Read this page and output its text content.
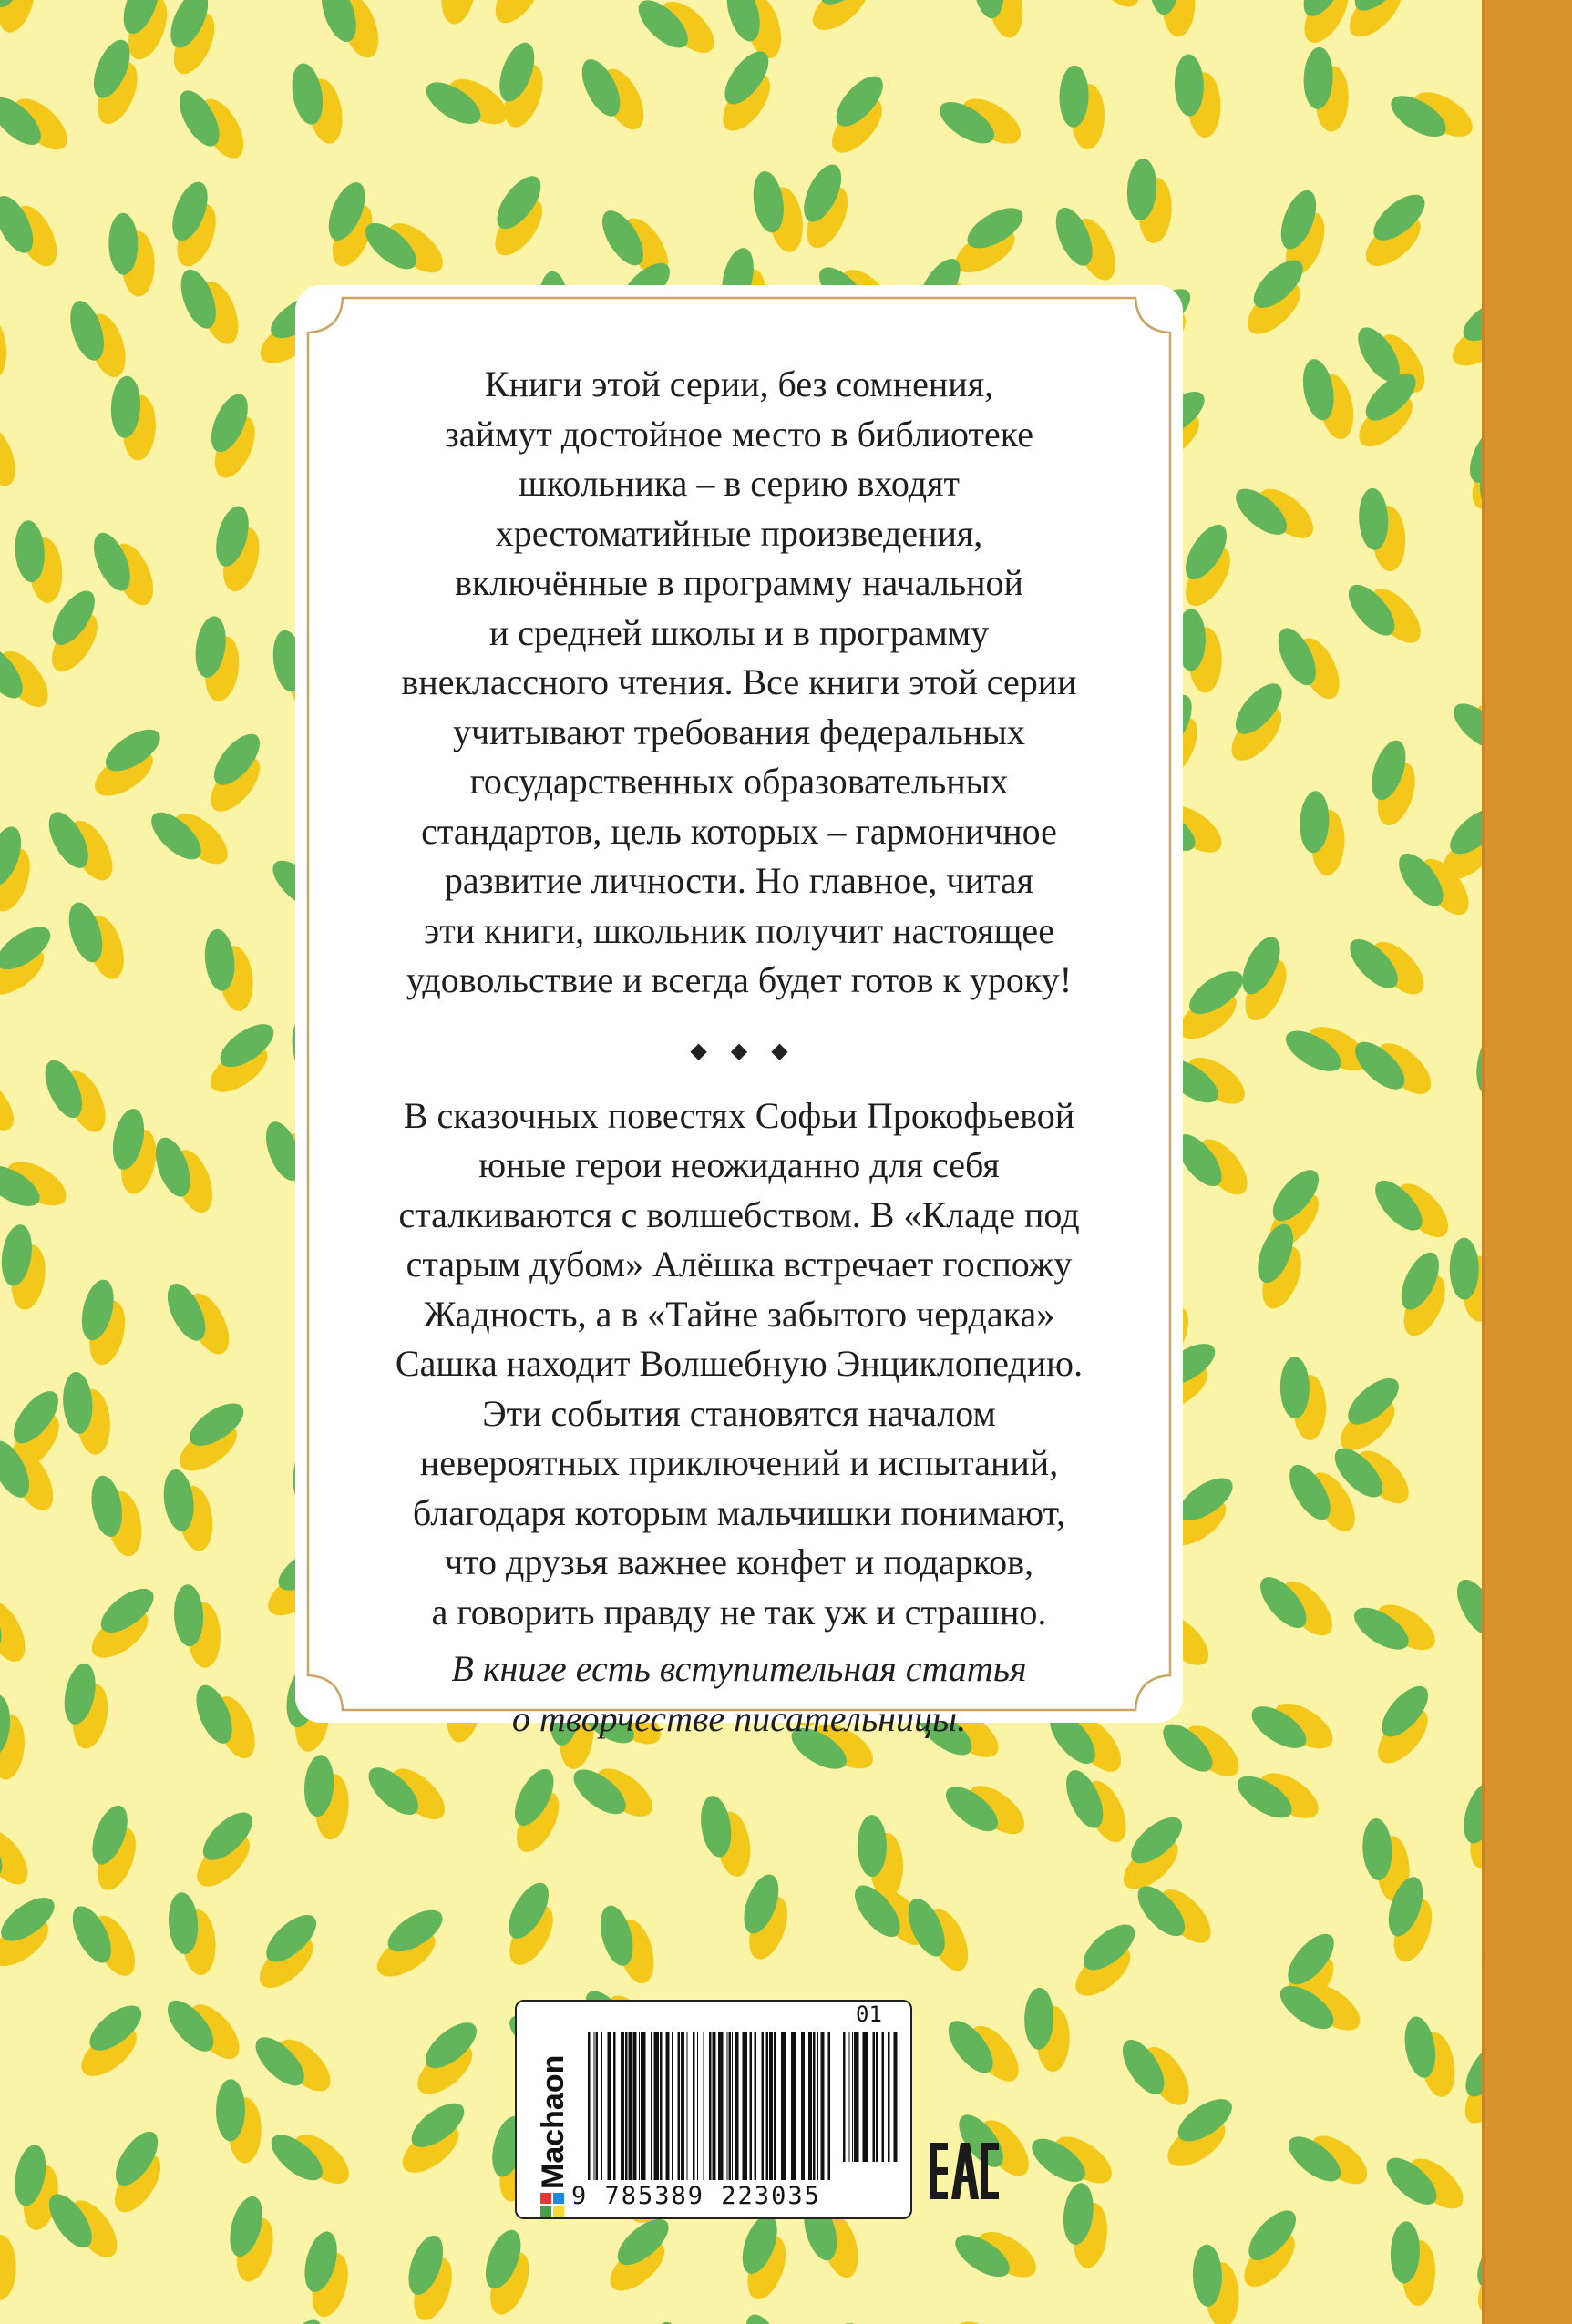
Книги этой серии, без сомнения,

займут достойное место в библиотеке

школьника – в серию входят

хрестоматийные произведения,

включённые в программу начальной

и средней школы и в программу

внеклассного чтения. Все книги этой серии

учитывают требования федеральных

государственных образовательных

стандартов, цель которых – гармоничное

развитие личности. Но главное, читая

эти книги, школьник получит настоящее

удовольствие и всегда будет готов к уроку!

◆◆◆

В сказочных повестях Софьи Прокофьевой

юные герои неожиданно для себя

сталкиваются с волшебством. В «Кладе под

старым дубом» Алёшка встречает госпожу

Жадность, а в «Тайне забытого чердака»

Сашка находит Волшебную Энциклопедию.

Эти события становятся началом

невероятных приключений и испытаний,

благодаря которым мальчишки понимают,

что друзья важнее конфет и подарков,

а говорить правду не так уж и страшно.

В книге есть вступительная статья

о творчестве писательницы.

Machaon
01
9 785389 223035
